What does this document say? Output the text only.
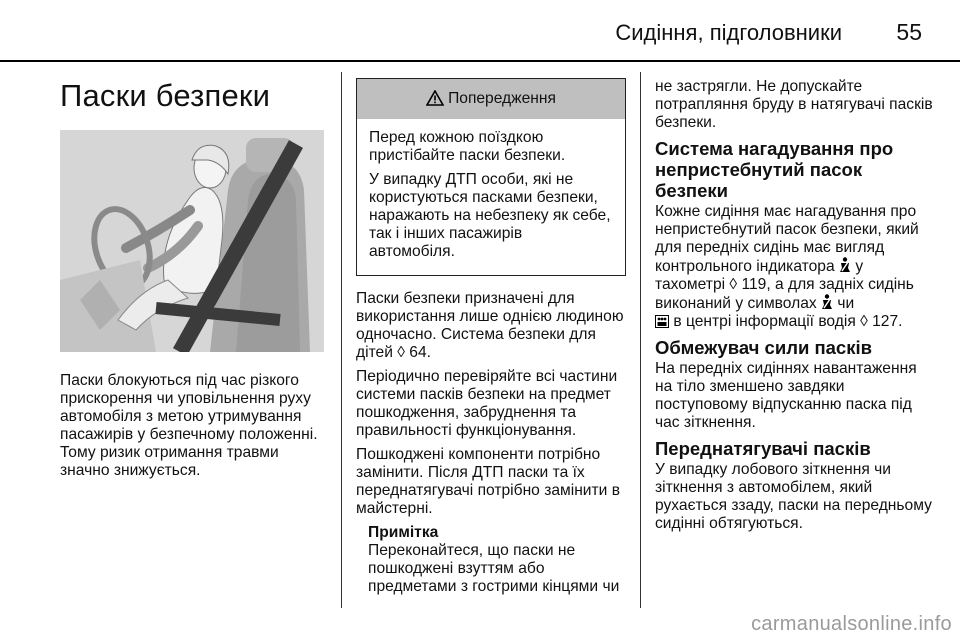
Сидіння, підголовники 55
Паски безпеки

Паски блокуються під час різкого прискорення чи уповільнення руху автомобіля з метою утримування пасажирів у безпечному положенні. Тому ризик отримання травми значно знижується.

Попередження

Перед кожною поїздкою пристібайте паски безпеки.

У випадку ДТП особи, які не користуються пасками безпеки, наражають на небезпеку як себе, так і інших пасажирів автомобіля.

Паски безпеки призначені для використання лише однією людиною одночасно. Система безпеки для дітей ◊ 64.

Періодично перевіряйте всі частини системи пасків безпеки на предмет пошкодження, забруднення та правильності функціонування.

Пошкоджені компоненти потрібно замінити. Після ДТП паски та їх переднатягувачі потрібно замінити в майстерні.

Примітка

Переконайтеся, що паски не пошкоджені взуттям або предметами з гострими кінцями чи

не застрягли. Не допускайте потрапляння бруду в натягувачі пасків безпеки.

Система нагадування про непристебнутий пасок безпеки

Кожне сидіння має нагадування про непристебнутий пасок безпеки, який для передніх сидінь має вигляд контрольного індикатора у тахометрі ◊ 119, а для задніх сидінь виконаний у символах чи
в центрі інформації водія ◊ 127.

Обмежувач сили пасків

На передніх сидіннях навантаження на тіло зменшено завдяки поступовому відпусканню паска під час зіткнення.

Переднатягувачі пасків

У випадку лобового зіткнення чи зіткнення з автомобілем, який рухається ззаду, паски на передньому сидінні обтягуються.

carmanualsonline.info
